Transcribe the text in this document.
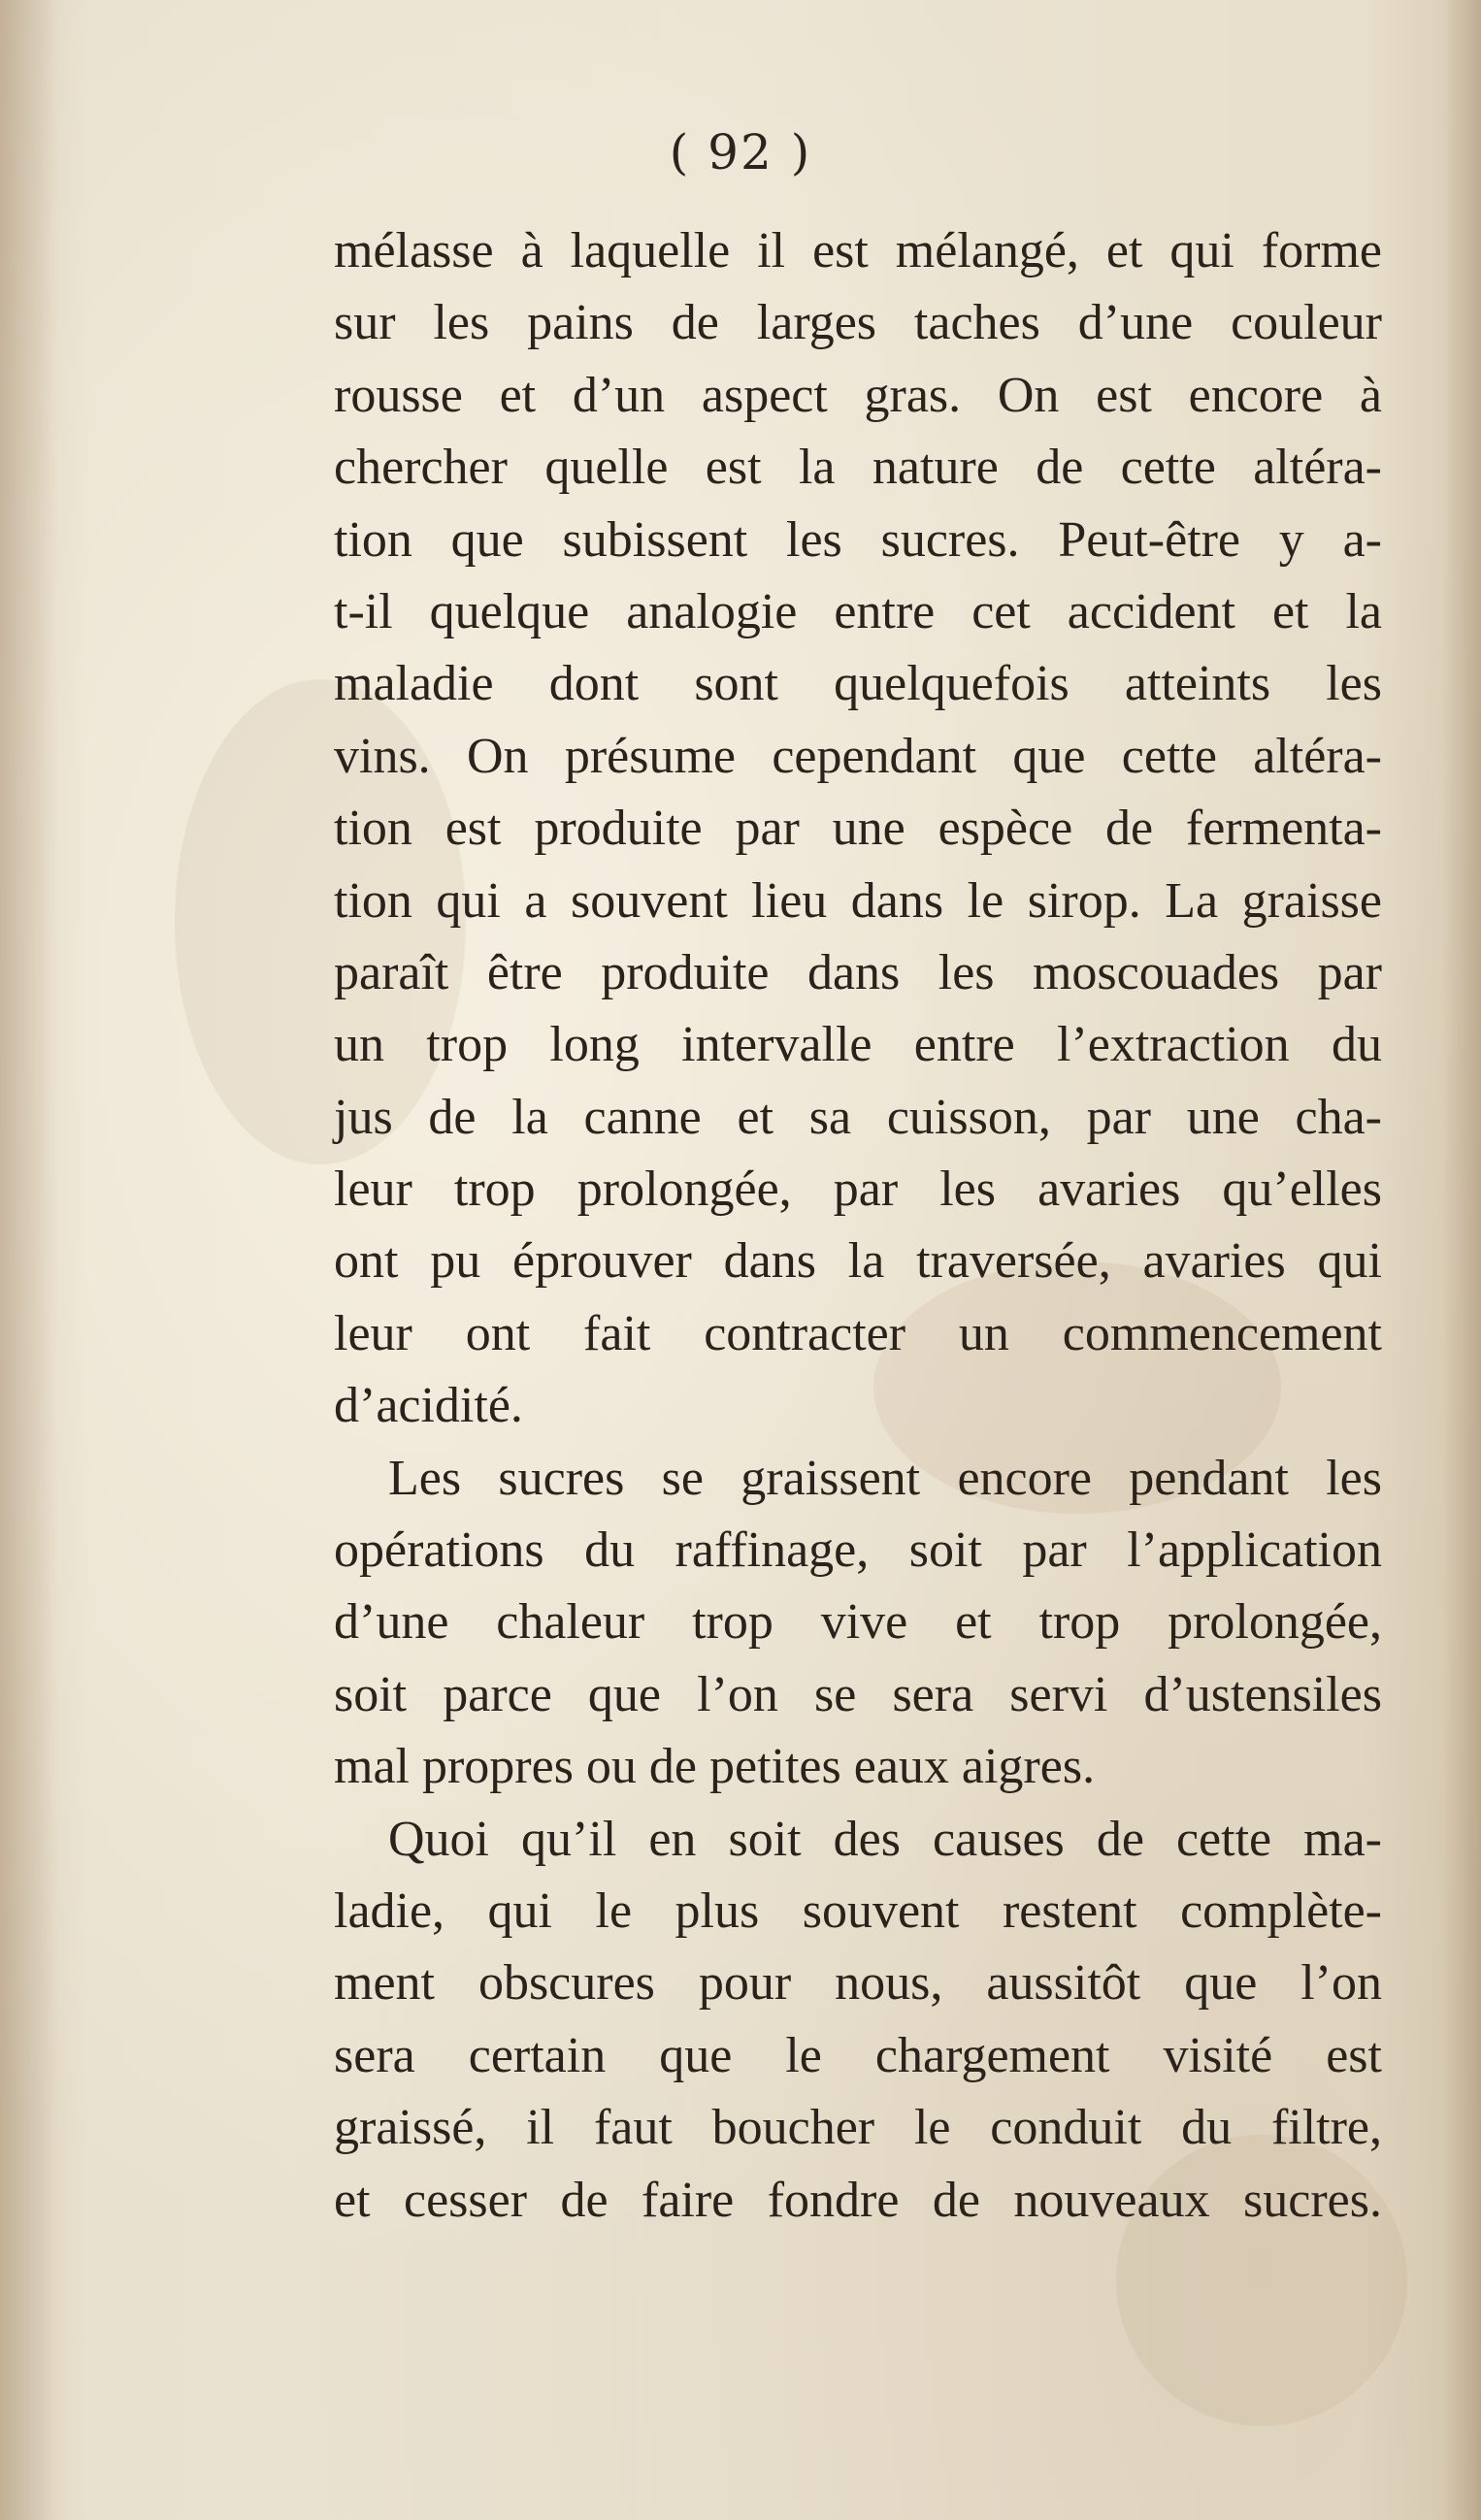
( 92 )
mélasse à laquelle il est mélangé, et qui forme
sur les pains de larges taches d’une couleur
rousse et d’un aspect gras. On est encore à
chercher quelle est la nature de cette altéra-
tion que subissent les sucres. Peut-être y a-
t-il quelque analogie entre cet accident et la
maladie dont sont quelquefois atteints les
vins. On présume cependant que cette altéra-
tion est produite par une espèce de fermenta-
tion qui a souvent lieu dans le sirop. La graisse
paraît être produite dans les moscouades par
un trop long intervalle entre l’extraction du
jus de la canne et sa cuisson, par une cha-
leur trop prolongée, par les avaries qu’elles
ont pu éprouver dans la traversée, avaries qui
leur ont fait contracter un commencement
d’acidité.
Les sucres se graissent encore pendant les
opérations du raffinage, soit par l’application
d’une chaleur trop vive et trop prolongée,
soit parce que l’on se sera servi d’ustensiles
mal propres ou de petites eaux aigres.
Quoi qu’il en soit des causes de cette ma-
ladie, qui le plus souvent restent complète-
ment obscures pour nous, aussitôt que l’on
sera certain que le chargement visité est
graissé, il faut boucher le conduit du filtre,
et cesser de faire fondre de nouveaux sucres.
